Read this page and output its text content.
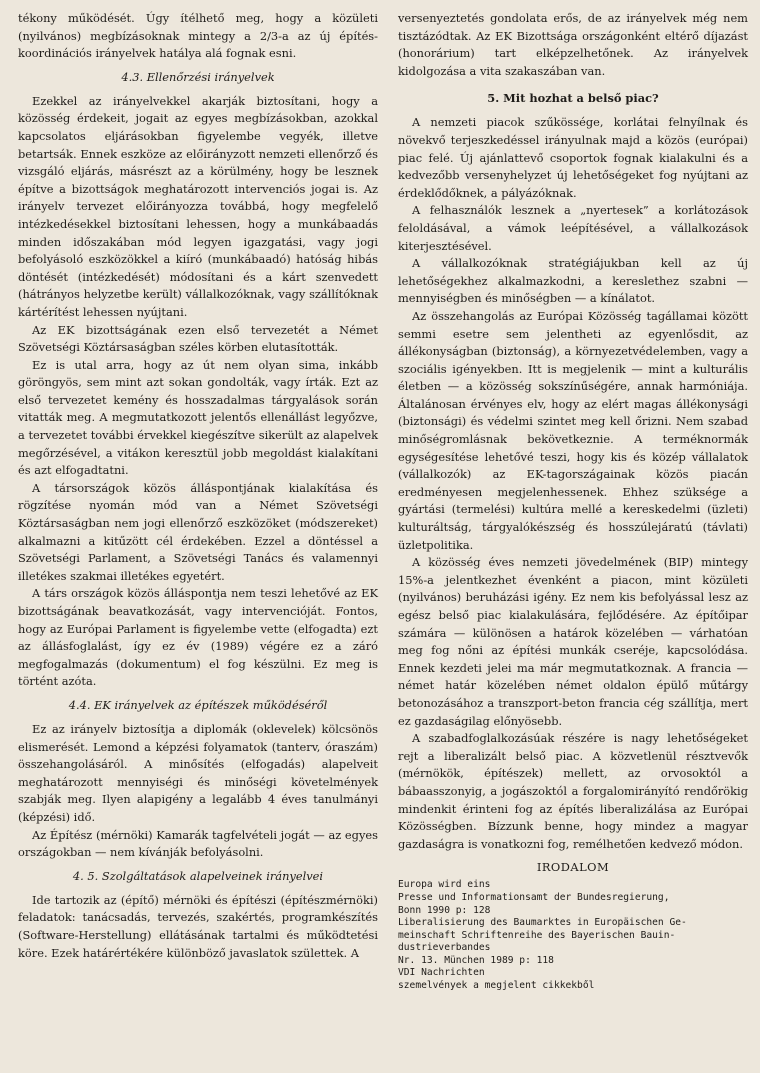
tékony működését. Úgy ítélhető meg, hogy a közületi (nyilvános) megbízásoknak mintegy a 2/3-a az új építés-koordinációs irányelvek hatálya alá fognak esni.

4.3. Ellenőrzési irányelvek

Ezekkel az irányelvekkel akarják biztosítani, hogy a közösség érdekeit, jogait az egyes megbízásokban, azokkal kapcsolatos eljárásokban figyelembe vegyék, illetve betartsák. Ennek eszköze az előirányzott nemzeti ellenőrző és vizsgáló eljárás, másrészt az a körülmény, hogy be lesznek építve a bizottságok meghatározott intervenciós jogai is. Az irányelv tervezet előirányozza továbbá, hogy megfelelő intézkedésekkel biztosítani lehessen, hogy a munkábaadás minden időszakában mód legyen igazgatási, vagy jogi befolyásoló eszközökkel a kiíró (munkábaadó) hatóság hibás döntését (intézkedését) módosítani és a kárt szenvedett (hátrányos helyzetbe került) vállalkozóknak, vagy szállítóknak kártérítést lehessen nyújtani.

Az EK bizottságának ezen első tervezetét a Német Szövetségi Köztársaságban széles körben elutasították.

Ez is utal arra, hogy az út nem olyan sima, inkább göröngyös, sem mint azt sokan gondolták, vagy írták. Ezt az első tervezetet kemény és hosszadalmas tárgyalások során vitatták meg. A megmutatkozott jelentős ellenállást legyőzve, a tervezetet további érvekkel kiegészítve sikerült az alapelvek megőrzésével, a vitákon keresztül jobb megoldást kialakítani és azt elfogadtatni.

A társországok közös álláspontjának kialakítása és rögzítése nyomán mód van a Német Szövetségi Köztársaságban nem jogi ellenőrző eszközöket (módszereket) alkalmazni a kitűzött cél érdekében. Ezzel a döntéssel a Szövetségi Parlament, a Szövetségi Tanács és valamennyi illetékes szakmai illetékes egyetért.

A társ országok közös álláspontja nem teszi lehetővé az EK bizottságának beavatkozását, vagy intervencióját. Fontos, hogy az Európai Parlament is figyelembe vette (elfogadta) ezt az állásfoglalást, így ez év (1989) végére ez a záró megfogalmazás (dokumentum) el fog készülni. Ez meg is történt azóta.

4.4. EK irányelvek az építészek működéséről

Ez az irányelv biztosítja a diplomák (oklevelek) kölcsönös elismerését. Lemond a képzési folyamatok (tanterv, óraszám) összehangolásáról. A minősítés (elfogadás) alapelveit meghatározott mennyiségi és minőségi követelmények szabják meg. Ilyen alapigény a legalább 4 éves tanulmányi (képzési) idő.

Az Építész (mérnöki) Kamarák tagfelvételi jogát — az egyes országokban — nem kívánják befolyásolni.

4. 5. Szolgáltatások alapelveinek irányelvei

Ide tartozik az (építő) mérnöki és építészi (építészmérnöki) feladatok: tanácsadás, tervezés, szakértés, programkészítés (Software-Herstellung) ellátásának tartalmi és működtetési köre. Ezek határértékére különböző javaslatok születtek. A

versenyeztetés gondolata erős, de az irányelvek még nem tisztázódtak. Az EK Bizottsága országonként eltérő díjazást (honorárium) tart elképzelhetőnek. Az irányelvek kidolgozása a vita szakaszában van.

5. Mit hozhat a belső piac?

A nemzeti piacok szűkössége, korlátai felnyílnak és növekvő terjeszkedéssel irányulnak majd a közös (európai) piac felé. Új ajánlattevő csoportok fognak kialakulni és a kedvezőbb versenyhelyzet új lehetőségeket fog nyújtani az érdeklődőknek, a pályázóknak.

A felhasználók lesznek a „nyertesek” a korlátozások feloldásával, a vámok leépítésével, a vállalkozások kiterjesztésével.

A vállalkozóknak stratégiájukban kell az új lehetőségekhez alkalmazkodni, a kereslethez szabni — mennyiségben és minőségben — a kínálatot.

Az összehangolás az Európai Közösség tagállamai között semmi esetre sem jelentheti az egyenlősdit, az állékonyságban (biztonság), a környezetvédelemben, vagy a szociális igényekben. Itt is megjelenik — mint a kulturális életben — a közösség sokszínűségére, annak harmóniája. Általánosan érvényes elv, hogy az elért magas állékonysági (biztonsági) és védelmi szintet meg kell őrizni. Nem szabad minőségromlásnak bekövetkeznie. A terméknormák egységesítése lehetővé teszi, hogy kis és közép vállalatok (vállalkozók) az EK-tagországainak közös piacán eredményesen megjelenhessenek. Ehhez szüksége a gyártási (termelési) kultúra mellé a kereskedelmi (üzleti) kulturáltság, tárgyalókészség és hosszúlejáratú (távlati) üzletpolitika.

A közösség éves nemzeti jövedelmének (BIP) mintegy 15%-a jelentkezhet évenként a piacon, mint közületi (nyilvános) beruházási igény. Ez nem kis befolyással lesz az egész belső piac kialakulására, fejlődésére. Az építőipar számára — különösen a határok közelében — várhatóan meg fog nőni az építési munkák cseréje, kapcsolódása. Ennek kezdeti jelei ma már megmutatkoznak. A francia —német határ közelében német oldalon épülő műtárgy betonozásához a transzport-beton francia cég szállítja, mert ez gazdaságilag előnyösebb.

A szabadfoglalkozásúak részére is nagy lehetőségeket rejt a liberalizált belső piac. A közvetlenül résztvevők (mérnökök, építészek) mellett, az orvosoktól a bábaasszonyig, a jogászoktól a forgalomirányító rendőrökig mindenkit érinteni fog az építés liberalizálása az Európai Közösségben. Bízzunk benne, hogy mindez a magyar gazdaságra is vonatkozni fog, remélhetően kedvező módon.

IRODALOM
Europa wird eins
Presse und Informationsamt der Bundesregierung,
Bonn 1990 p: 128
Liberalisierung des Baumarktes in Europäischen Ge-
meinschaft Schriftenreihe des Bayerischen Bauin-
dustrieverbandes
Nr. 13. München 1989 p: 118
VDI Nachrichten
szemelvények a megjelent cikkekből
